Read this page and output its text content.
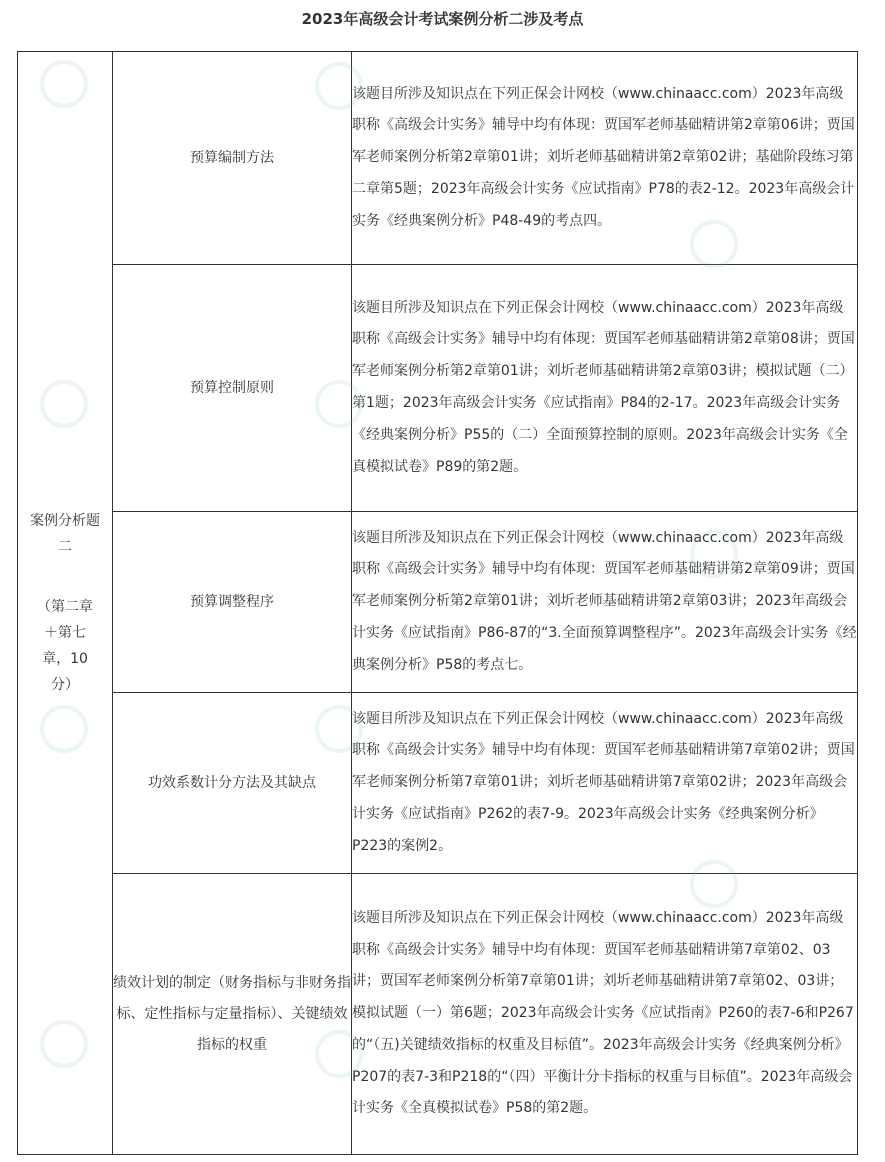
2023年高级会计考试案例分析二涉及考点
案例分析题二
（第二章＋第七章，10分）	预算编制方法	该题目所涉及知识点在下列正保会计网校（www.chinaacc.com）2023年高级职称《高级会计实务》辅导中均有体现：贾国军老师基础精讲第2章第06讲；贾国军老师案例分析第2章第01讲；刘圻老师基础精讲第2章第02讲；基础阶段练习第二章第5题；2023年高级会计实务《应试指南》P78的表2-12。2023年高级会计实务《经典案例分析》P48-49的考点四。
	预算控制原则	该题目所涉及知识点在下列正保会计网校（www.chinaacc.com）2023年高级职称《高级会计实务》辅导中均有体现：贾国军老师基础精讲第2章第08讲；贾国军老师案例分析第2章第01讲；刘圻老师基础精讲第2章第03讲；模拟试题（二）第1题；2023年高级会计实务《应试指南》P84的2-17。2023年高级会计实务《经典案例分析》P55的（二）全面预算控制的原则。2023年高级会计实务《全真模拟试卷》P89的第2题。
	预算调整程序	该题目所涉及知识点在下列正保会计网校（www.chinaacc.com）2023年高级职称《高级会计实务》辅导中均有体现：贾国军老师基础精讲第2章第09讲；贾国军老师案例分析第2章第01讲；刘圻老师基础精讲第2章第03讲；2023年高级会计实务《应试指南》P86-87的“3.全面预算调整程序”。2023年高级会计实务《经典案例分析》P58的考点七。
	功效系数计分方法及其缺点	该题目所涉及知识点在下列正保会计网校（www.chinaacc.com）2023年高级职称《高级会计实务》辅导中均有体现：贾国军老师基础精讲第7章第02讲；贾国军老师案例分析第7章第01讲；刘圻老师基础精讲第7章第02讲；2023年高级会计实务《应试指南》P262的表7-9。2023年高级会计实务《经典案例分析》P223的案例2。
	绩效计划的制定（财务指标与非财务指标、定性指标与定量指标）、关键绩效指标的权重	该题目所涉及知识点在下列正保会计网校（www.chinaacc.com）2023年高级职称《高级会计实务》辅导中均有体现：贾国军老师基础精讲第7章第02、03讲；贾国军老师案例分析第7章第01讲；刘圻老师基础精讲第7章第02、03讲；模拟试题（一）第6题；2023年高级会计实务《应试指南》P260的表7-6和P267的“（五)关键绩效指标的权重及目标值”。2023年高级会计实务《经典案例分析》P207的表7-3和P218的“（四）平衡计分卡指标的权重与目标值”。2023年高级会计实务《全真模拟试卷》P58的第2题。
